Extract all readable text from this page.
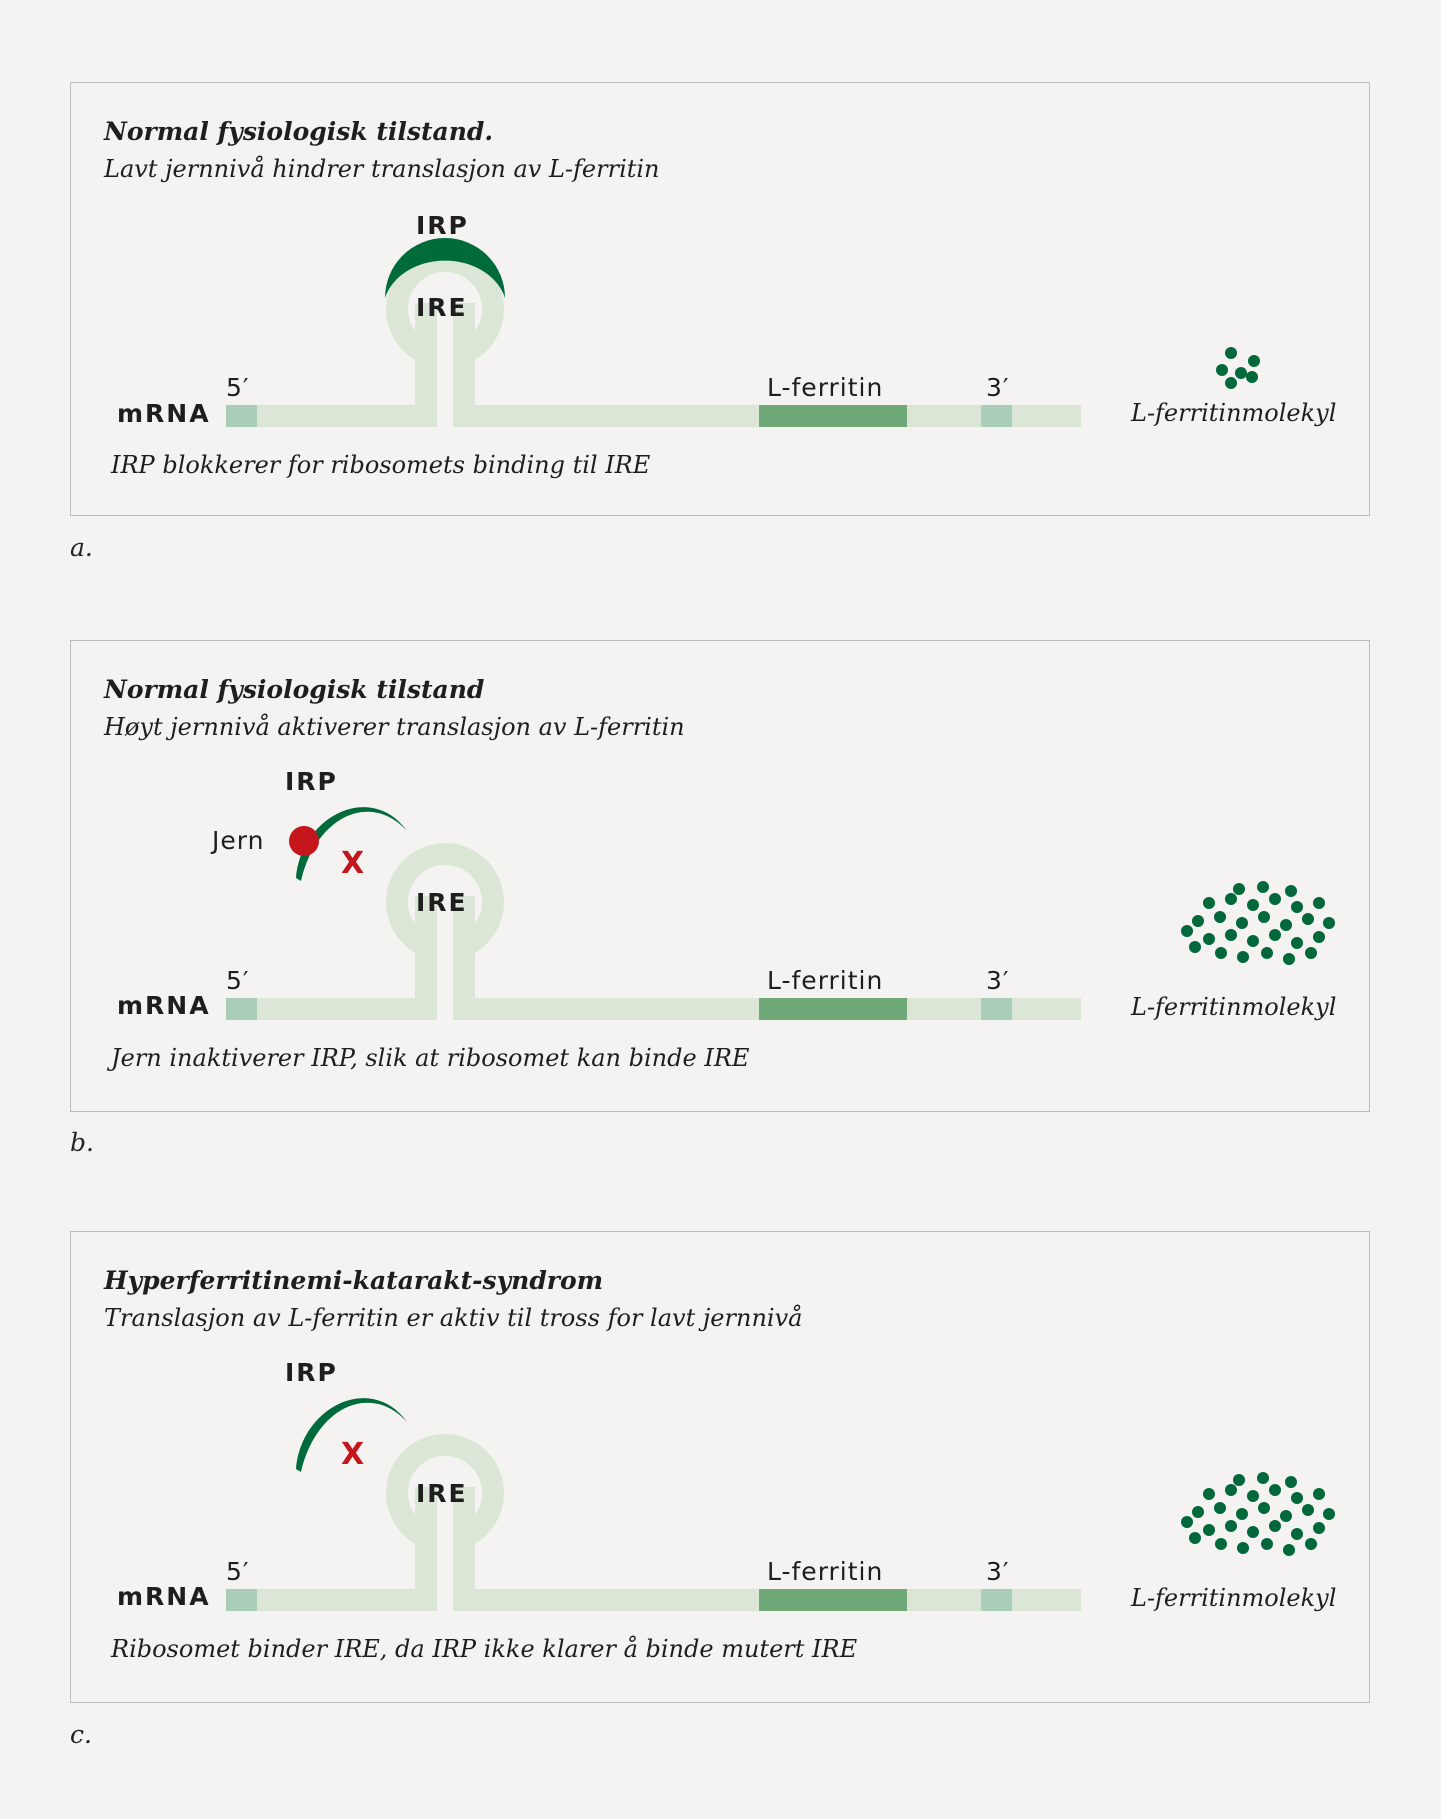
Normal fysiologisk tilstand.
Lavt jernnivå hindrer translasjon av L-ferritin
IRP
IRE
5′	3′
L-ferritin
mRNA	L-ferritinmolekyl
IRP blokkerer for ribosomets binding til IRE
a.
Normal fysiologisk tilstand
Høyt jernnivå aktiverer translasjon av L-ferritin
IRP
Jern
X
IRE
5′	3′
L-ferritin
mRNA	L-ferritinmolekyl
Jern inaktiverer IRP, slik at ribosomet kan binde IRE
b.
Hyperferritinemi-katarakt-syndrom
Translasjon av L-ferritin er aktiv til tross for lavt jernnivå
IRP
X
IRE
5′	3′
L-ferritin
mRNA	L-ferritinmolekyl
Ribosomet binder IRE, da IRP ikke klarer å binde mutert IRE
c.
